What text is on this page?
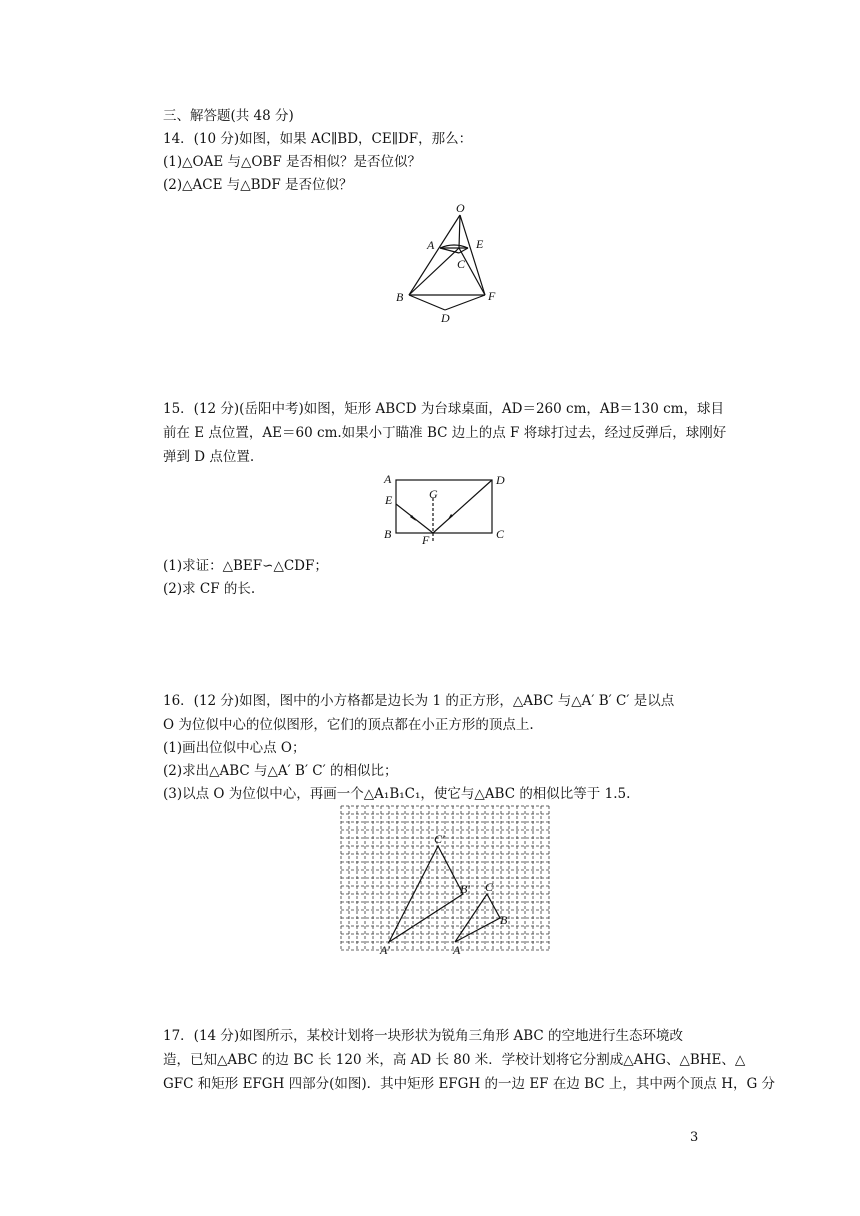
三、解答题(共 48 分)
14．(10 分)如图，如果 AC∥BD，CE∥DF，那么：
(1)△OAE 与△OBF 是否相似？是否位似？
(2)△ACE 与△BDF 是否位似？
O
A	E
C
B	F
D
15．(12 分)(岳阳中考)如图，矩形 ABCD 为台球桌面，AD＝260 cm，AB＝130 cm，球目
前在 E 点位置，AE＝60 cm.如果小丁瞄准 BC 边上的点 F 将球打过去，经过反弹后，球刚好
弹到 D 点位置.
A	D
E	G
B	F	C
(1)求证：△BEF∽△CDF；
(2)求 CF 的长.
16．(12 分)如图，图中的小方格都是边长为 1 的正方形，△ABC 与△A′ B′ C′ 是以点
O 为位似中心的位似图形，它们的顶点都在小正方形的顶点上.
(1)画出位似中心点 O；
(2)求出△ABC 与△A′ B′ C′ 的相似比；
(3)以点 O 为位似中心，再画一个△A₁B₁C₁，使它与△ABC 的相似比等于 1.5.
C′
B′
A′
C
B
A
17．(14 分)如图所示，某校计划将一块形状为锐角三角形 ABC 的空地进行生态环境改
造，已知△ABC 的边 BC 长 120 米，高 AD 长 80 米．学校计划将它分割成△AHG、△BHE、△
GFC 和矩形 EFGH 四部分(如图)．其中矩形 EFGH 的一边 EF 在边 BC 上，其中两个顶点 H，G 分
3
